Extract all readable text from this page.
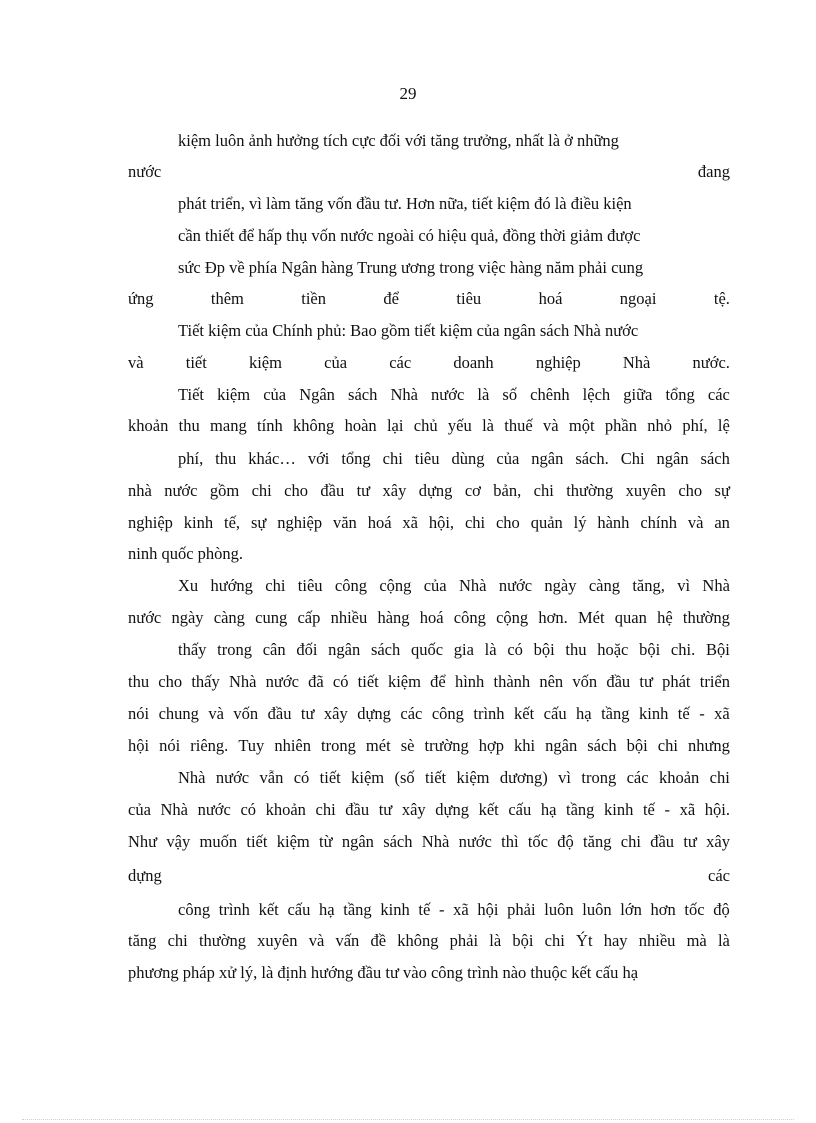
29
kiệm luôn ảnh hưởng tích cực đối với tăng trưởng, nhất là ở những
nước	đang
phát triển, vì làm tăng vốn đầu tư. Hơn nữa, tiết kiệm đó là điều kiện
cần thiết để hấp thụ vốn nước ngoài có hiệu quả, đồng thời giảm được
sức Đp về phía Ngân hàng Trung ương trong việc hàng năm phải cung
ứng	thêm	tiền	để	tiêu	hoá	ngoại	tệ.
Tiết kiệm của Chính phủ: Bao gồm tiết kiệm của ngân sách Nhà nước
và	tiết	kiệm	của	các	doanh	nghiệp	Nhà	nước.
Tiết kiệm của Ngân sách Nhà nước là số chênh lệch giữa tổng các
khoản thu mang tính không hoàn lại chủ yếu là thuế và một phần nhỏ phí, lệ
phí, thu khác… với tổng chi tiêu dùng của ngân sách. Chi ngân sách
nhà nước gồm chi cho đầu tư xây dựng cơ bản, chi thường xuyên cho sự
nghiệp kinh tế, sự nghiệp văn hoá xã hội, chi cho quản lý hành chính và an
ninh quốc phòng.
Xu hướng chi tiêu công cộng của Nhà nước ngày càng tăng, vì Nhà
nước ngày càng cung cấp nhiều hàng hoá công cộng hơn. Mét quan hệ thường
thấy trong cân đối ngân sách quốc gia là có bội thu hoặc bội chi. Bội
thu cho thấy Nhà nước đã có tiết kiệm để hình thành nên vốn đầu tư phát triển
nói chung và vốn đầu tư xây dựng các công trình kết cấu hạ tầng kinh tế - xã
hội nói riêng. Tuy nhiên trong mét sè trường hợp khi ngân sách bội chi nhưng
Nhà nước vẫn có tiết kiệm (số tiết kiệm dương) vì trong các khoản chi
của Nhà nước có khoản chi đầu tư xây dựng kết cấu hạ tầng kinh tế - xã hội.
Như vậy muốn tiết kiệm từ ngân sách Nhà nước thì tốc độ tăng chi đầu tư xây
dựng	các
công trình kết cấu hạ tầng kinh tế - xã hội phải luôn luôn lớn hơn tốc độ
tăng chi thường xuyên và vấn đề không phải là bội chi Ýt hay nhiều mà là
phương pháp xử lý, là định hướng đầu tư vào công trình nào thuộc kết cấu hạ
